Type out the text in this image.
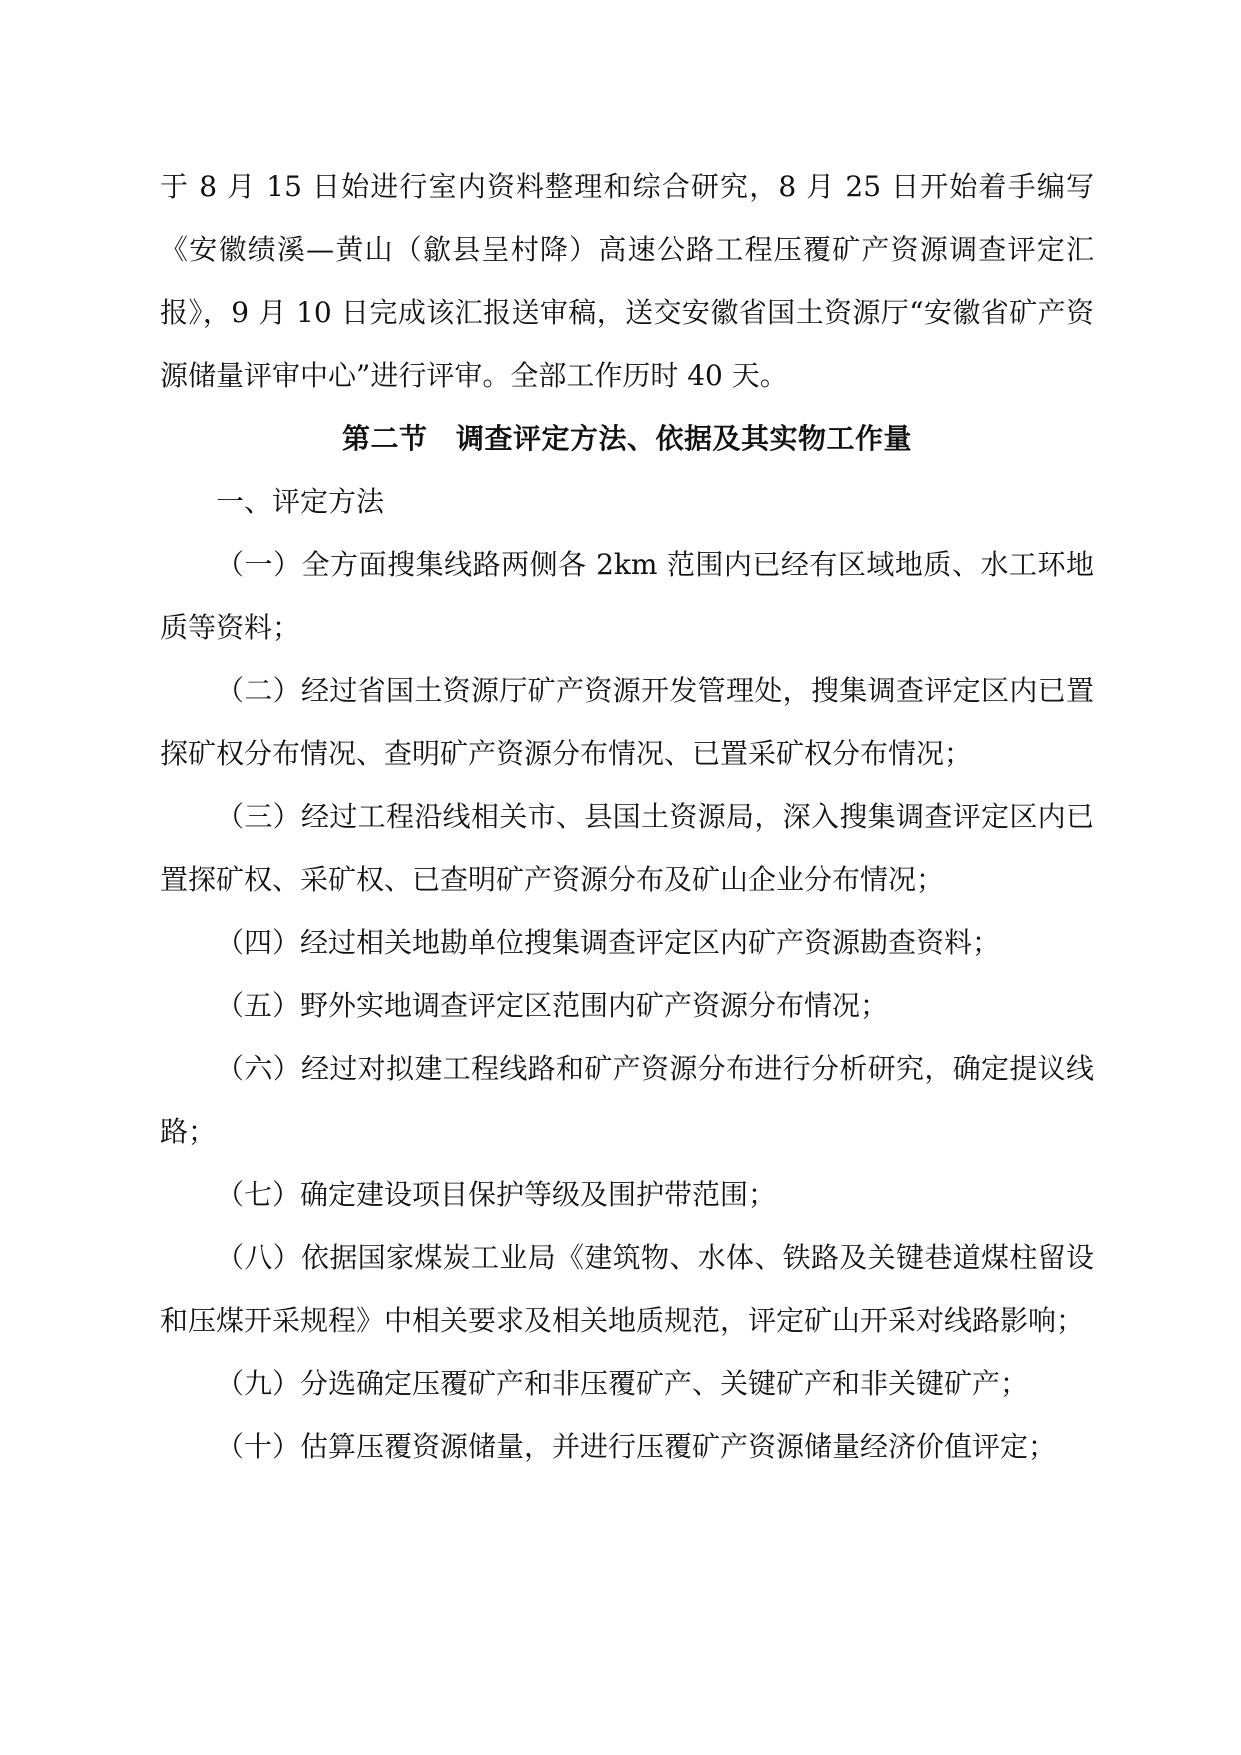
于 8 月 15 日始进行室内资料整理和综合研究，8 月 25 日开始着手编写《安徽绩溪—黄山（歙县呈村降）高速公路工程压覆矿产资源调查评定汇报》，9 月 10 日完成该汇报送审稿，送交安徽省国土资源厅“安徽省矿产资源储量评审中心”进行评审。全部工作历时 40 天。

第二节　调查评定方法、依据及其实物工作量

一、评定方法

（一）全方面搜集线路两侧各 2km 范围内已经有区域地质、水工环地质等资料；

（二）经过省国土资源厅矿产资源开发管理处，搜集调查评定区内已置探矿权分布情况、查明矿产资源分布情况、已置采矿权分布情况；

（三）经过工程沿线相关市、县国土资源局，深入搜集调查评定区内已置探矿权、采矿权、已查明矿产资源分布及矿山企业分布情况；

（四）经过相关地勘单位搜集调查评定区内矿产资源勘查资料；

（五）野外实地调查评定区范围内矿产资源分布情况；

（六）经过对拟建工程线路和矿产资源分布进行分析研究，确定提议线路；

（七）确定建设项目保护等级及围护带范围；

（八）依据国家煤炭工业局《建筑物、水体、铁路及关键巷道煤柱留设和压煤开采规程》中相关要求及相关地质规范，评定矿山开采对线路影响；

（九）分选确定压覆矿产和非压覆矿产、关键矿产和非关键矿产；

（十）估算压覆资源储量，并进行压覆矿产资源储量经济价值评定；
